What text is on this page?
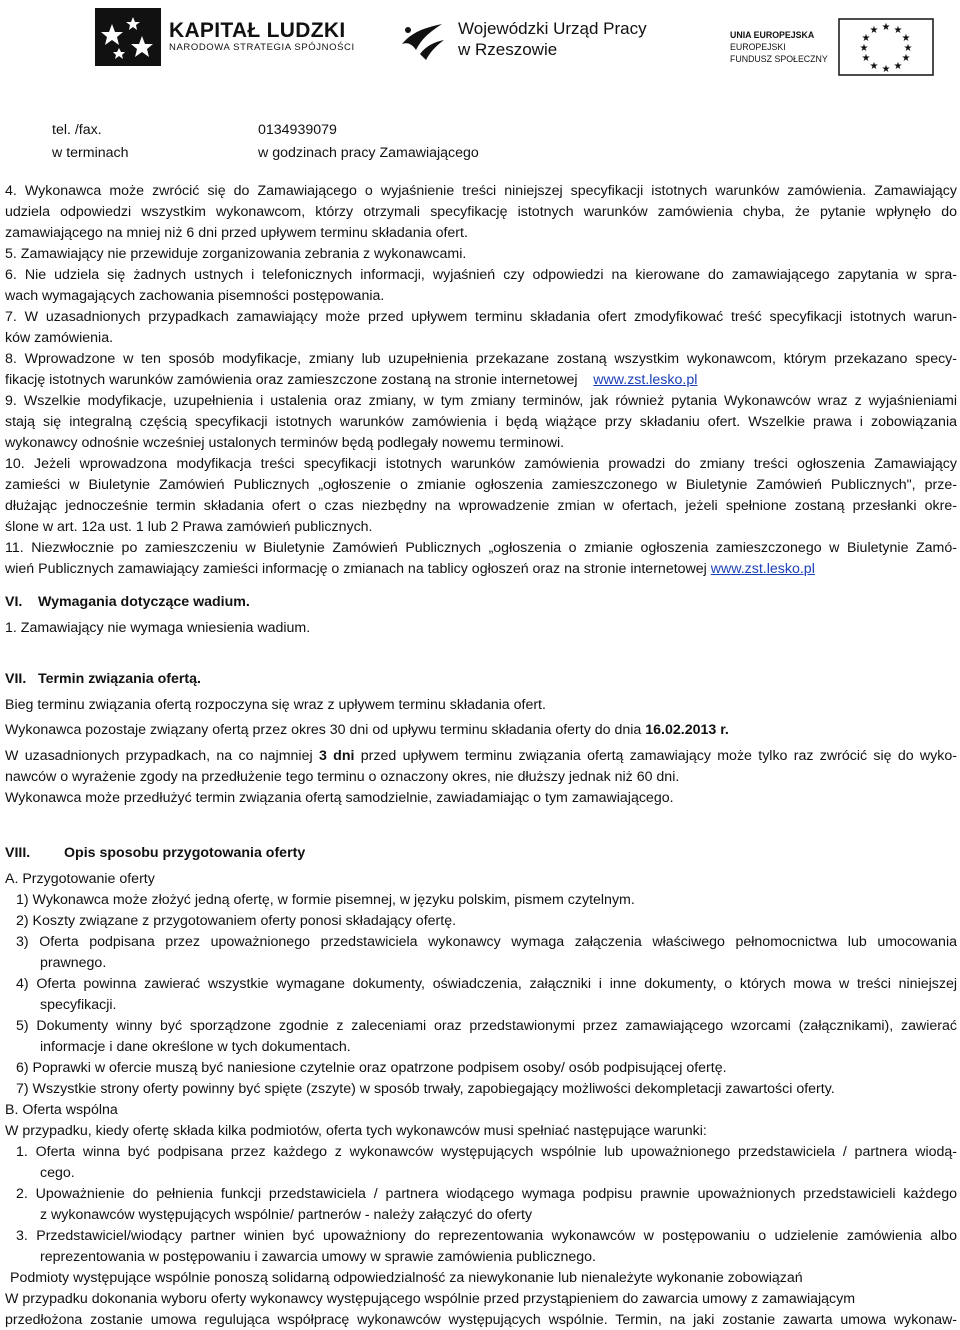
KAPITAŁ LUDZKI
NARODOWA STRATEGIA SPÓJNOŚCI
Wojewódzki Urząd Pracy
w Rzeszowie
UNIA EUROPEJSKA
EUROPEJSKI
FUNDUSZ SPOŁECZNY
★ ★
★
★
★
★
★
★
★
★
★
★
tel. /fax.	0134939079
w terminach	w godzinach pracy Zamawiającego
4. Wykonawca może zwrócić się do Zamawiającego o wyjaśnienie treści niniejszej specyfikacji istotnych warunków zamówienia. Zamawiający
udziela odpowiedzi wszystkim wykonawcom, którzy otrzymali specyfikację istotnych warunków zamówienia chyba, że pytanie wpłynęło do
zamawiającego na mniej niż 6 dni przed upływem terminu składania ofert.
5. Zamawiający nie przewiduje zorganizowania zebrania z wykonawcami.
6. Nie udziela się żadnych ustnych i telefonicznych informacji, wyjaśnień czy odpowiedzi na kierowane do zamawiającego zapytania w spra-
wach wymagających zachowania pisemności postępowania.
7. W uzasadnionych przypadkach zamawiający może przed upływem terminu składania ofert zmodyfikować treść specyfikacji istotnych warun-
ków zamówienia.
8. Wprowadzone w ten sposób modyfikacje, zmiany lub uzupełnienia przekazane zostaną wszystkim wykonawcom, którym przekazano specy-
fikację istotnych warunków zamówienia oraz zamieszczone zostaną na stronie internetowej www.zst.lesko.pl
9. Wszelkie modyfikacje, uzupełnienia i ustalenia oraz zmiany, w tym zmiany terminów, jak również pytania Wykonawców wraz z wyjaśnieniami
stają się integralną częścią specyfikacji istotnych warunków zamówienia i będą wiążące przy składaniu ofert. Wszelkie prawa i zobowiązania
wykonawcy odnośnie wcześniej ustalonych terminów będą podlegały nowemu terminowi.
10. Jeżeli wprowadzona modyfikacja treści specyfikacji istotnych warunków zamówienia prowadzi do zmiany treści ogłoszenia Zamawiający
zamieści w Biuletynie Zamówień Publicznych „ogłoszenie o zmianie ogłoszenia zamieszczonego w Biuletynie Zamówień Publicznych", prze-
dłużając jednocześnie termin składania ofert o czas niezbędny na wprowadzenie zmian w ofertach, jeżeli spełnione zostaną przesłanki okre-
ślone w art. 12a ust. 1 lub 2 Prawa zamówień publicznych.
11. Niezwłocznie po zamieszczeniu w Biuletynie Zamówień Publicznych „ogłoszenia o zmianie ogłoszenia zamieszczonego w Biuletynie Zamó-
wień Publicznych zamawiający zamieści informację o zmianach na tablicy ogłoszeń oraz na stronie internetowej www.zst.lesko.pl
VI. Wymagania dotyczące wadium.
1. Zamawiający nie wymaga wniesienia wadium.
VII. Termin związania ofertą.
Bieg terminu związania ofertą rozpoczyna się wraz z upływem terminu składania ofert.
Wykonawca pozostaje związany ofertą przez okres 30 dni od upływu terminu składania oferty do dnia 16.02.2013 r.
W uzasadnionych przypadkach, na co najmniej 3 dni przed upływem terminu związania ofertą zamawiający może tylko raz zwrócić się do wyko-
nawców o wyrażenie zgody na przedłużenie tego terminu o oznaczony okres, nie dłuższy jednak niż 60 dni.
Wykonawca może przedłużyć termin związania ofertą samodzielnie, zawiadamiając o tym zamawiającego.
VIII. Opis sposobu przygotowania oferty
A. Przygotowanie oferty
1) Wykonawca może złożyć jedną ofertę, w formie pisemnej, w języku polskim, pismem czytelnym.
2) Koszty związane z przygotowaniem oferty ponosi składający ofertę.
3) Oferta podpisana przez upoważnionego przedstawiciela wykonawcy wymaga załączenia właściwego pełnomocnictwa lub umocowania
prawnego.
4) Oferta powinna zawierać wszystkie wymagane dokumenty, oświadczenia, załączniki i inne dokumenty, o których mowa w treści niniejszej
specyfikacji.
5) Dokumenty winny być sporządzone zgodnie z zaleceniami oraz przedstawionymi przez zamawiającego wzorcami (załącznikami), zawierać
informacje i dane określone w tych dokumentach.
6) Poprawki w ofercie muszą być naniesione czytelnie oraz opatrzone podpisem osoby/ osób podpisującej ofertę.
7) Wszystkie strony oferty powinny być spięte (zszyte) w sposób trwały, zapobiegający możliwości dekompletacji zawartości oferty.
B. Oferta wspólna
W przypadku, kiedy ofertę składa kilka podmiotów, oferta tych wykonawców musi spełniać następujące warunki:
1. Oferta winna być podpisana przez każdego z wykonawców występujących wspólnie lub upoważnionego przedstawiciela / partnera wiodą-
cego.
2. Upoważnienie do pełnienia funkcji przedstawiciela / partnera wiodącego wymaga podpisu prawnie upoważnionych przedstawicieli każdego
z wykonawców występujących wspólnie/ partnerów - należy załączyć do oferty
3. Przedstawiciel/wiodący partner winien być upoważniony do reprezentowania wykonawców w postępowaniu o udzielenie zamówienia albo
reprezentowania w postępowaniu i zawarcia umowy w sprawie zamówienia publicznego.
Podmioty występujące wspólnie ponoszą solidarną odpowiedzialność za niewykonanie lub nienależyte wykonanie zobowiązań
W przypadku dokonania wyboru oferty wykonawcy występującego wspólnie przed przystąpieniem do zawarcia umowy z zamawiającym
przedłożona zostanie umowa regulująca współpracę wykonawców występujących wspólnie. Termin, na jaki zostanie zawarta umowa wykonaw-
